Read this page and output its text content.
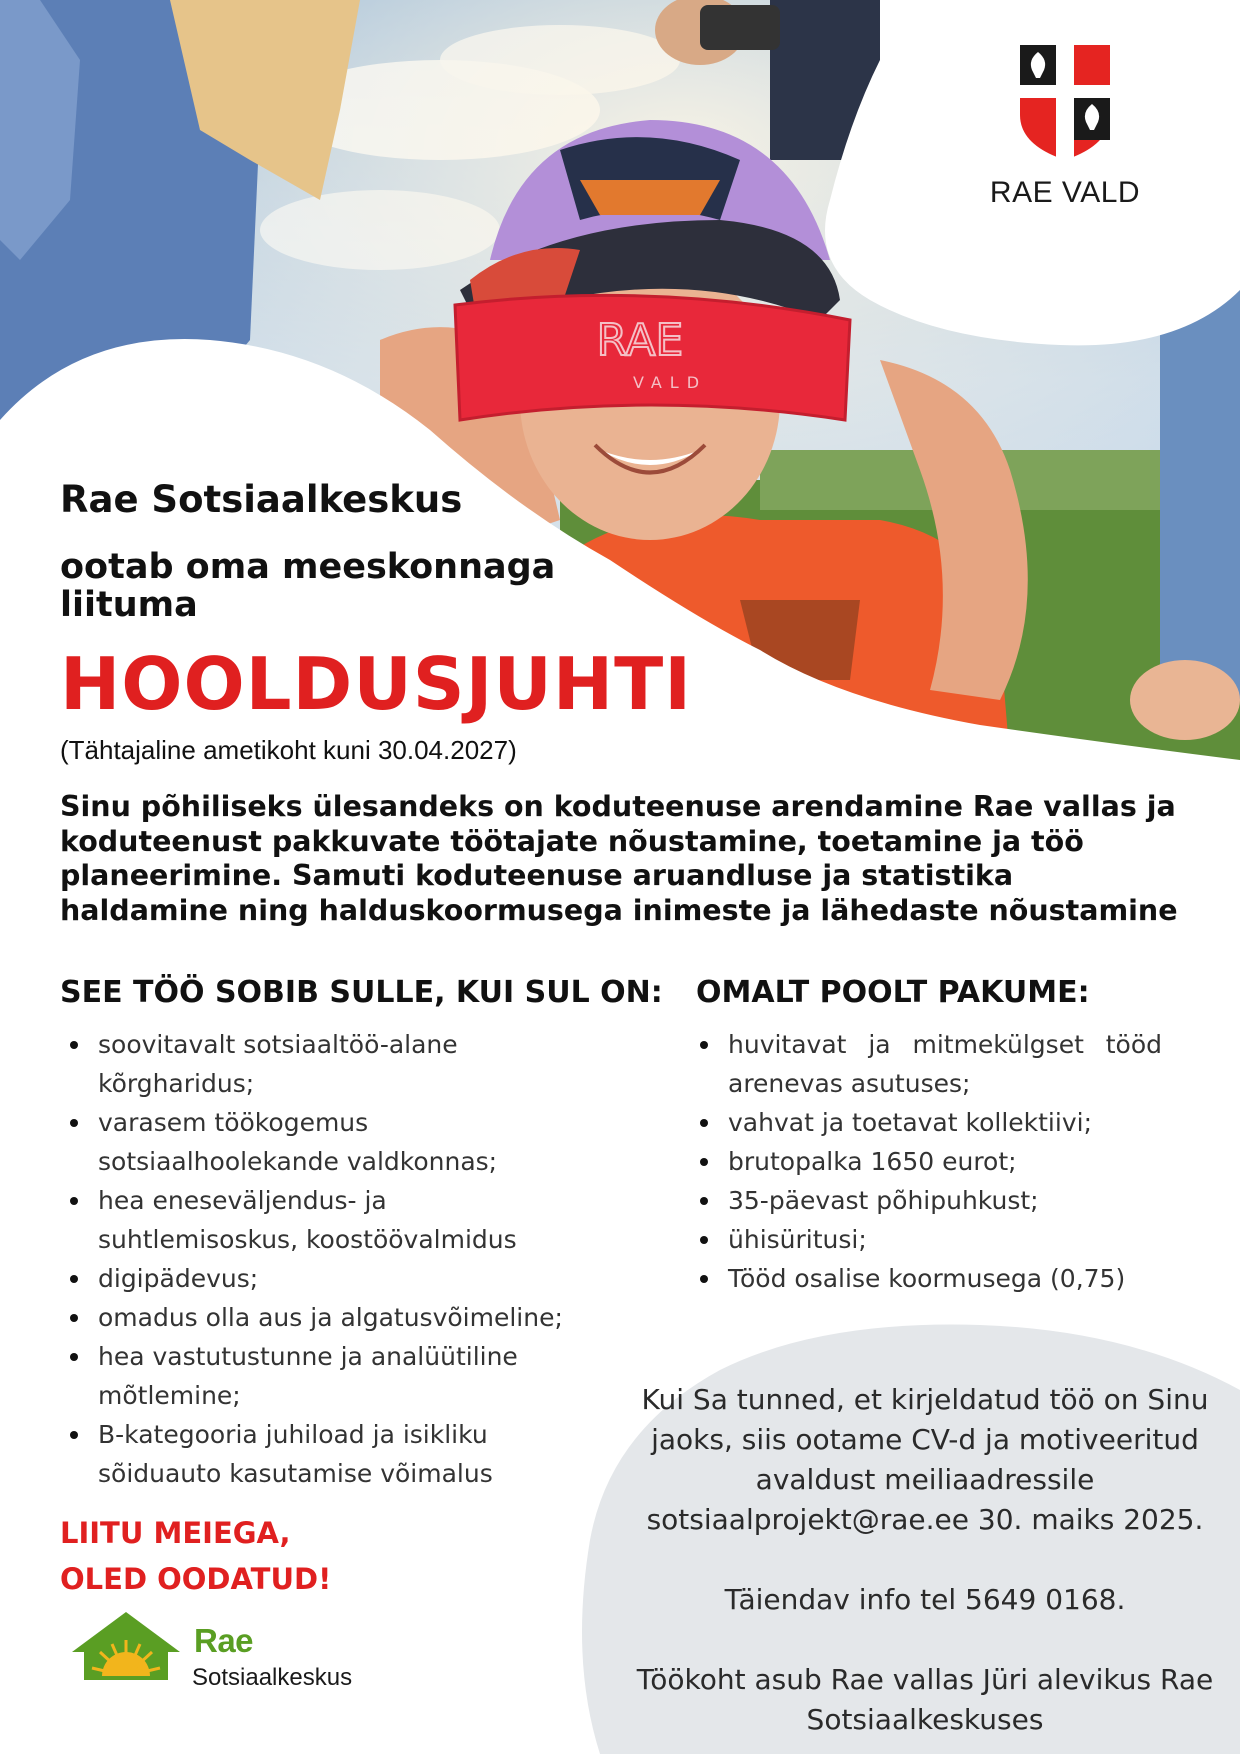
RAE
VALD
RAE VALD
Rae Sotsiaalkeskus
ootab oma meeskonnaga liituma
HOOLDUSJUHTI
(Tähtajaline ametikoht kuni 30.04.2027)

Sinu põhiliseks ülesandeks on koduteenuse arendamine Rae vallas ja koduteenust pakkuvate töötajate nõustamine, toetamine ja töö planeerimine. Samuti koduteenuse aruandluse ja statistika haldamine ning halduskoormusega inimeste ja lähedaste nõustamine

SEE TÖÖ SOBIB SULLE, KUI SUL ON:
soovitavalt sotsiaaltöö-alane kõrgharidus;
varasem töökogemus sotsiaalhoolekande valdkonnas;
hea eneseväljendus- ja suhtlemisoskus, koostöövalmidus
digipädevus;
omadus olla aus ja algatusvõimeline;
hea vastutustunne ja analüütiline mõtlemine;
B-kategooria juhiload ja isikliku sõiduauto kasutamise võimalus
OMALT POOLT PAKUME:
huvitavat ja mitmekülgset tööd arenevas asutuses;
vahvat ja toetavat kollektiivi;
brutopalka 1650 eurot;
35-päevast põhipuhkust;
ühisüritusi;
Tööd osalise koormusega (0,75)
LIITU MEIEGA,
OLED OODATUD!

Kui Sa tunned, et kirjeldatud töö on Sinu jaoks, siis ootame CV-d ja motiveeritud avaldust meiliaadressile sotsiaalprojekt@rae.ee 30. maiks 2025.

Täiendav info tel 5649 0168.

Töökoht asub Rae vallas Jüri alevikus Rae Sotsiaalkeskuses

Rae
Sotsiaalkeskus
